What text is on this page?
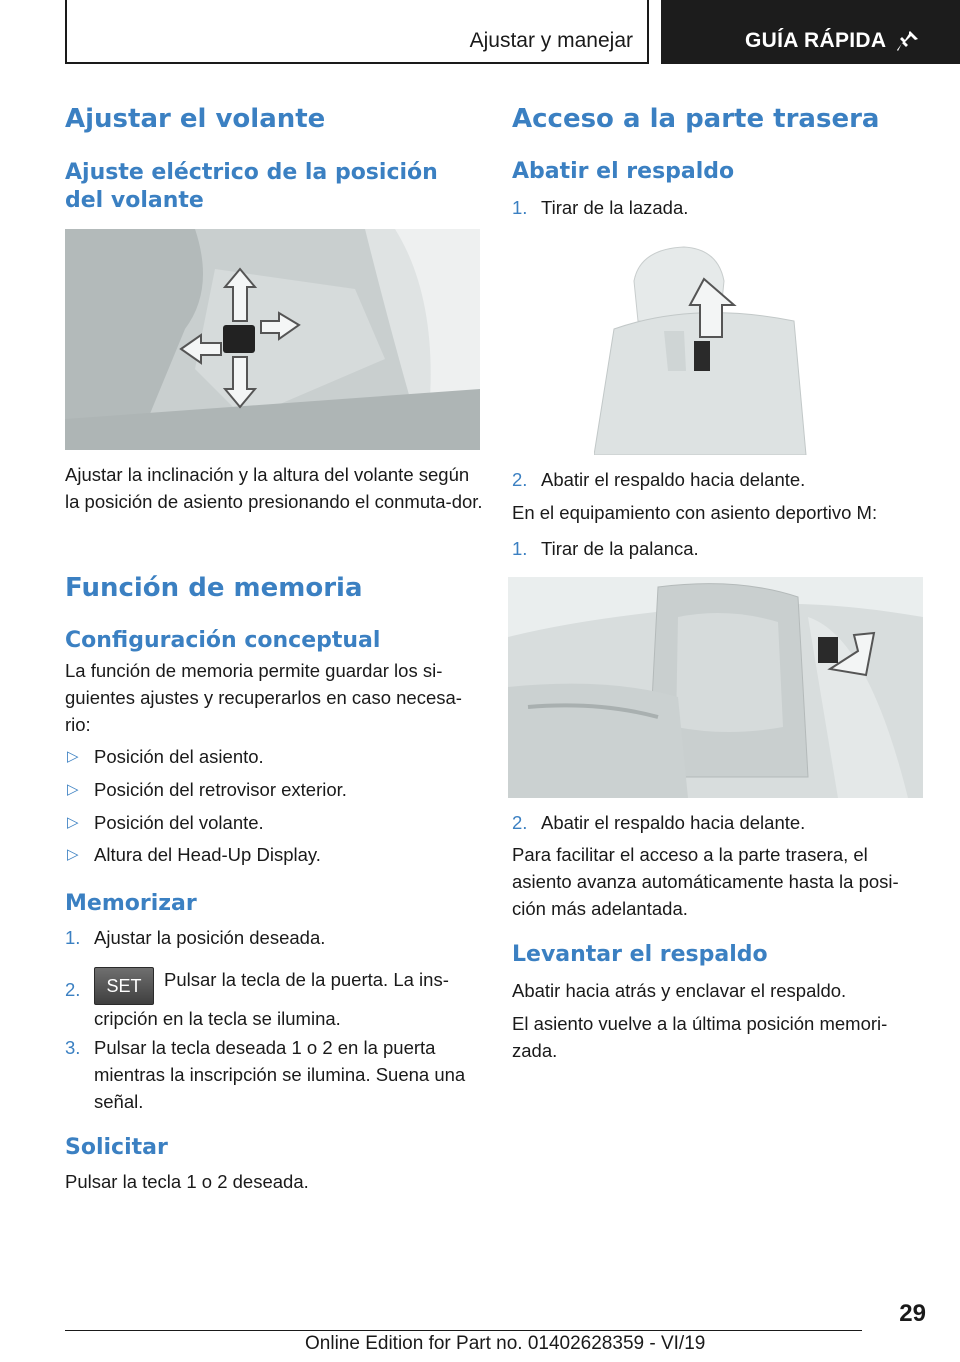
Ajustar y manejar	GUÍA RÁPIDA
Ajustar el volante
Ajuste eléctrico de la posición del volante

Ajustar la inclinación y la altura del volante según la posición de asiento presionando el conmuta-dor.

Función de memoria
Configuración conceptual

La función de memoria permite guardar los si-guientes ajustes y recuperarlos en caso necesa-rio:

▷ Posición del asiento.
▷ Posición del retrovisor exterior.
▷ Posición del volante.
▷ Altura del Head-Up Display.
Memorizar
1. Ajustar la posición deseada.
2.	SET Pulsar la tecla de la puerta. La ins-cripción en la tecla se ilumina.
3. Pulsar la tecla deseada 1 o 2 en la puerta mientras la inscripción se ilumina. Suena una señal.
Solicitar

Pulsar la tecla 1 o 2 deseada.

Acceso a la parte trasera
Abatir el respaldo
1. Tirar de la lazada.
2. Abatir el respaldo hacia delante.

En el equipamiento con asiento deportivo M:

1. Tirar de la palanca.
2. Abatir el respaldo hacia delante.

Para facilitar el acceso a la parte trasera, el asiento avanza automáticamente hasta la posi-ción más adelantada.

Levantar el respaldo

Abatir hacia atrás y enclavar el respaldo.

El asiento vuelve a la última posición memori-zada.

29
Online Edition for Part no. 01402628359 - VI/19
